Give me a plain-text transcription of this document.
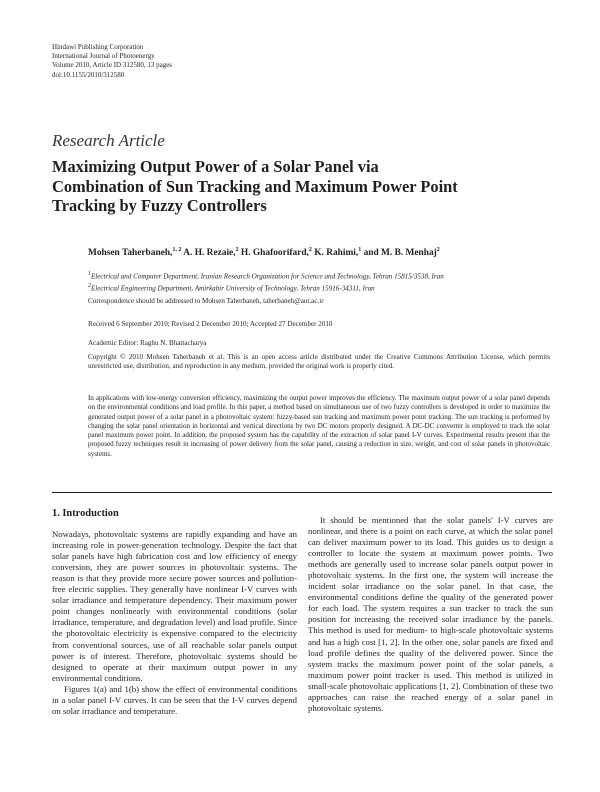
Hindawi Publishing Corporation
International Journal of Photoenergy
Volume 2010, Article ID 312580, 13 pages
doi:10.1155/2010/312580
Research Article
Maximizing Output Power of a Solar Panel via
Combination of Sun Tracking and Maximum Power Point
Tracking by Fuzzy Controllers
Mohsen Taherbaneh,$^{1, 2}$ A. H. Rezaie,$^2$ H. Ghafoorifard,$^2$ K. Rahimi,$^1$ and M. B. Menhaj$^2$
$^1$Electrical and Computer Department, Iranian Research Organization for Science and Technology, Tehran 15815/3538, Iran
$^2$Electrical Engineering Department, Amirkabir University of Technology, Tehran 15916-34311, Iran
Correspondence should be addressed to Mohsen Taherbaneh, taherbaneh@aut.ac.ir
Received 6 September 2010; Revised 2 December 2010; Accepted 27 December 2010
Academic Editor: Raghu N. Bhattacharya
Copyright © 2010 Mohsen Taherbaneh et al. This is an open access article distributed under the Creative Commons Attribution License, which permits unrestricted use, distribution, and reproduction in any medium, provided the original work is properly cited.
In applications with low-energy conversion efficiency, maximizing the output power improves the efficiency. The maximum output power of a solar panel depends on the environmental conditions and load profile. In this paper, a method based on simultaneous use of two fuzzy controllers is developed in order to maximize the generated output power of a solar panel in a photovoltaic system: fuzzy-based sun tracking and maximum power point tracking. The sun tracking is performed by changing the solar panel orientation in horizontal and vertical directions by two DC motors properly designed. A DC-DC converter is employed to track the solar panel maximum power point. In addition, the proposed system has the capability of the extraction of solar panel I-V curves. Experimental results present that the proposed fuzzy techniques result in increasing of power delivery from the solar panel, causing a reduction in size, weight, and cost of solar panels in photovoltaic systems.
1. Introduction

Nowadays, photovoltaic systems are rapidly expanding and have an increasing role in power-generation technology. Despite the fact that solar panels have high fabrication cost and low efficiency of energy conversion, they are power sources in photovoltaic systems. The reason is that they provide more secure power sources and pollution-free electric supplies. They generally have nonlinear I-V curves with solar irradiance and temperature dependency. Their maximum power point changes nonlinearly with environmental conditions (solar irradiance, temperature, and degradation level) and load profile. Since the photovoltaic electricity is expensive compared to the electricity from conventional sources, use of all reachable solar panels output power is of interest. Therefore, photovoltaic systems should be designed to operate at their maximum output power in any environmental conditions.

Figures 1(a) and 1(b) show the effect of environmental conditions in a solar panel I-V curves. It can be seen that the I-V curves depend on solar irradiance and temperature.

It should be mentioned that the solar panels' I-V curves are nonlinear, and there is a point on each curve, at which the solar panel can deliver maximum power to its load. This guides us to design a controller to locate the system at maximum power points. Two methods are generally used to increase solar panels output power in photovoltaic systems. In the first one, the system will increase the incident solar irradiance on the solar panel. In that case, the environmental conditions define the quality of the generated power for each load. The system requires a sun tracker to track the sun position for increasing the received solar irradiance by the panels. This method is used for medium- to high-scale photovoltaic systems and has a high cost [1, 2]. In the other one, solar panels are fixed and load profile defines the quality of the delivered power. Since the system tracks the maximum power point of the solar panels, a maximum power point tracker is used. This method is utilized in small-scale photovoltaic applications [1, 2]. Combination of these two approaches can raise the reached energy of a solar panel in photovoltaic systems.
